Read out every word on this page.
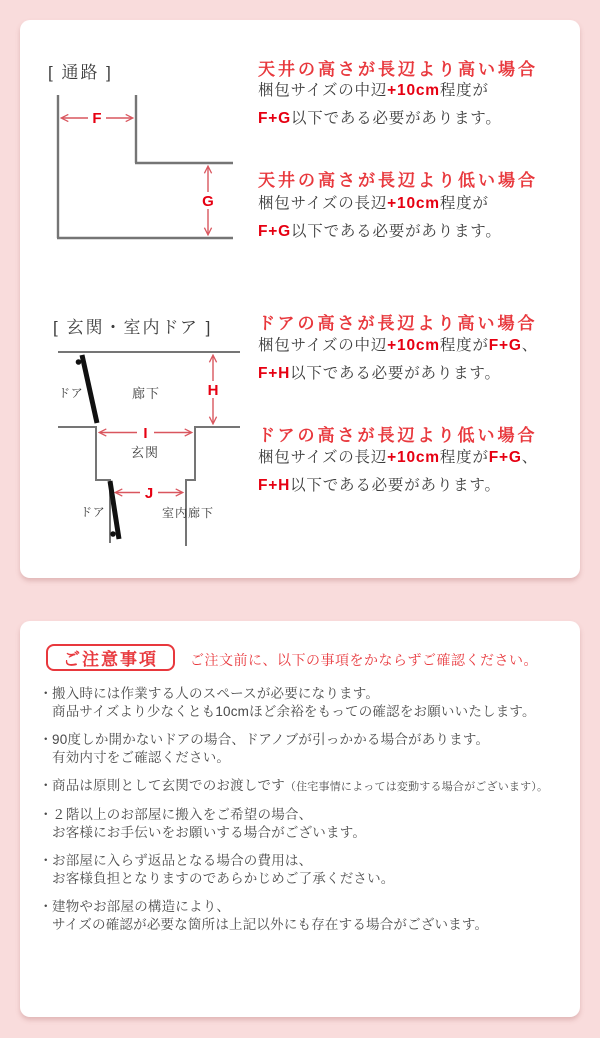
[ 通路 ]
F
G
天井の高さが長辺より高い場合
梱包サイズの中辺+10cm程度が
F+G以下である必要があります。
天井の高さが長辺より低い場合
梱包サイズの長辺+10cm程度が
F+G以下である必要があります。
[ 玄関・室内ドア ]
H
I
J
ドア	廊下
玄関
ドア	室内廊下
ドアの高さが長辺より高い場合
梱包サイズの中辺+10cm程度がF+G、
F+H以下である必要があります。
ドアの高さが長辺より低い場合
梱包サイズの長辺+10cm程度がF+G、
F+H以下である必要があります。
ご注意事項	ご注文前に、以下の事項をかならずご確認ください。
・ 搬入時には作業する人のスペースが必要になります。
商品サイズより少なくとも10cmほど余裕をもっての確認をお願いいたします。
・ 90度しか開かないドアの場合、ドアノブが引っかかる場合があります。
有効内寸をご確認ください。
・ 商品は原則として玄関でのお渡しです（住宅事情によっては変動する場合がございます）。
・ ２階以上のお部屋に搬入をご希望の場合、
お客様にお手伝いをお願いする場合がございます。
・ お部屋に入らず返品となる場合の費用は、
お客様負担となりますのであらかじめご了承ください。
・ 建物やお部屋の構造により、
サイズの確認が必要な箇所は上記以外にも存在する場合がございます。
